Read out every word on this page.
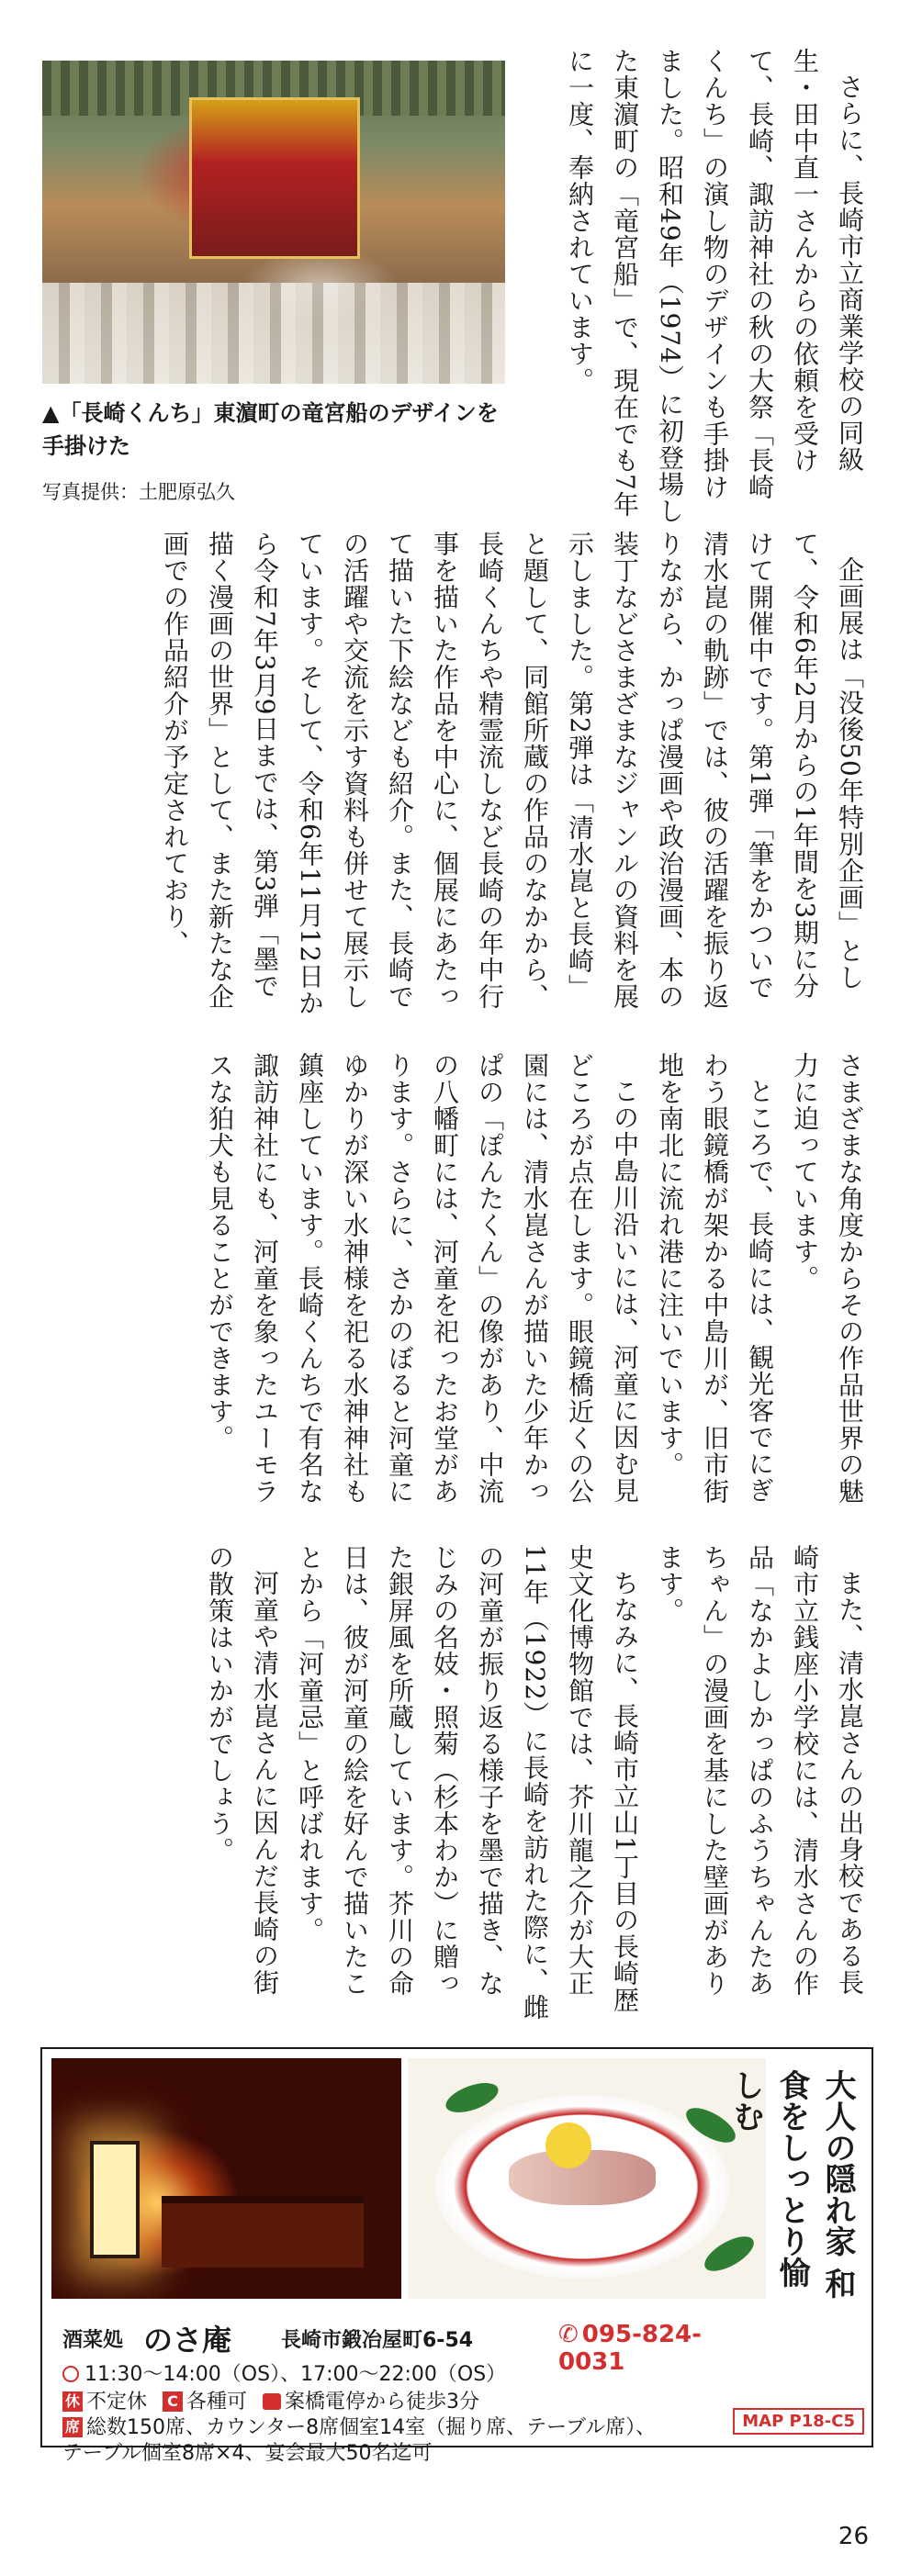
さらに、長崎市立商業学校の同級生・田中直一さんからの依頼を受けて、長崎、諏訪神社の秋の大祭「長崎くんち」の演し物のデザインも手掛けました。昭和49年（1974）に初登場した東濵町の「竜宮船」で、現在でも7年に一度、奉納されています。

▲「長崎くんち」東濵町の竜宮船のデザインを手掛けた
写真提供：土肥原弘久

企画展は「没後50年特別企画」として、令和6年2月からの1年間を3期に分けて開催中です。第1弾「筆をかついで 清水崑の軌跡」では、彼の活躍を振り返りながら、かっぱ漫画や政治漫画、本の装丁などさまざまなジャンルの資料を展示しました。第2弾は「清水崑と長崎」と題して、同館所蔵の作品のなかから、長崎くんちや精霊流しなど長崎の年中行事を描いた作品を中心に、個展にあたって描いた下絵なども紹介。また、長崎での活躍や交流を示す資料も併せて展示しています。そして、令和6年11月12日から令和7年3月9日までは、第3弾「墨で描く漫画の世界」として、また新たな企画での作品紹介が予定されており、

さまざまな角度からその作品世界の魅力に迫っています。

ところで、長崎には、観光客でにぎわう眼鏡橋が架かる中島川が、旧市街地を南北に流れ港に注いでいます。

この中島川沿いには、河童に因む見どころが点在します。眼鏡橋近くの公園には、清水崑さんが描いた少年かっぱの「ぽんたくん」の像があり、中流の八幡町には、河童を祀ったお堂があります。さらに、さかのぼると河童にゆかりが深い水神様を祀る水神神社も鎮座しています。長崎くんちで有名な諏訪神社にも、河童を象ったユーモラスな狛犬も見ることができます。

また、清水崑さんの出身校である長崎市立銭座小学校には、清水さんの作品「なかよしかっぱのふうちゃんたあちゃん」の漫画を基にした壁画があります。

ちなみに、長崎市立山1丁目の長崎歴史文化博物館では、芥川龍之介が大正11年（1922）に長崎を訪れた際に、雌の河童が振り返る様子を墨で描き、なじみの名妓・照菊（杉本わか）に贈った銀屏風を所蔵しています。芥川の命日は、彼が河童の絵を好んで描いたことから「河童忌」と呼ばれます。

河童や清水崑さんに因んだ長崎の街の散策はいかがでしょう。

大人の隠れ家 和食をしっとり愉しむ
酒菜処 のさ庵 長崎市鍛冶屋町6-54	✆ 095-824-0031
11:30～14:00（OS）、17:00～22:00（OS）
休 不定休 C 各種可 案橋電停から徒歩3分
席 総数150席、カウンター8席個室14室（掘り席、テーブル席）、
テーブル個室8席×4、宴会最大50名迄可
MAP P18-C5
26
